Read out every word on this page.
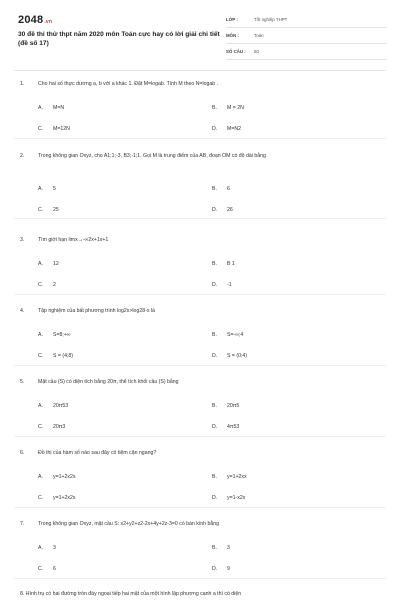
2048.vn
30 đề thi thử thpt năm 2020 môn Toán cực hay có lời giải chi tiết (đề số 17)
LỚP :	Tốt nghiệp THPT
MÔN :	Toán
SỐ CÂU : 50
1.	Cho hai số thực dương a, b với a khác 1. Đặt M=logab. Tính M theo N=logab .
A. M=N	B. M = 2N
C. M=12N	D. M=N2
2.	Trong không gian Oxyz, cho A1;1;-3, B3;-1;1. Gọi M là trung điểm của AB, đoạn OM có độ dài bằng
A. 5	B. 6
C. 25	D. 26
3.	Tìm giới hạn limx→-∞2x+1x+1
A. 12	B. B 1
C. 2	D. -1
4.	Tập nghiệm của bất phương trình log2x>log28-x là
A. S=8;+∞	B. S=-∞;4
C. S = (4;8)	D. S = (0;4)
5.	Mặt cầu (S) có diện tích bằng 20π, thể tích khối cầu (S) bằng
A. 20π53	B. 20π5
C. 20π3	D. 4π53
6.	Đồ thị của hàm số nào sau đây có tiệm cận ngang?
A. y=1+2x2x	B. y=1+2xx
C. y=1+2x2x	D. y=1-x2x
7.	Trong không gian Oxyz, mặt cầu S: x2+y2+z2-2x+4y+2z-3=0 có bán kính bằng
A. 3	B. 3
C. 6	D. 9
8. Hình trụ có hai đường tròn đáy ngoại tiếp hai mặt của một hình lập phương cạnh a thì có diện
